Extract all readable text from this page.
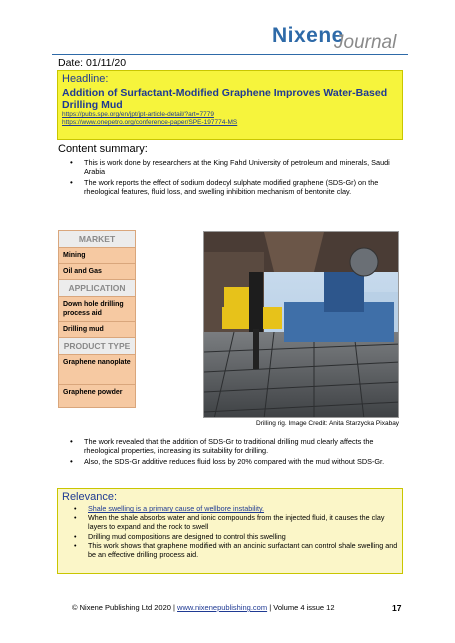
Nixene
Journal
Date: 01/11/20
Headline:
Addition of Surfactant-Modified Graphene Improves Water-Based Drilling Mud
https://pubs.spe.org/en/jpt/jpt-article-detail/?art=7779
https://www.onepetro.org/conference-paper/SPE-197774-MS
Content summary:
• This is work done by researchers at the King Fahd University of petroleum and minerals, Saudi Arabia
• The work reports the effect of sodium dodecyl sulphate modified graphene (SDS-Gr) on the rheological features, fluid loss, and swelling inhibition mechanism of bentonite clay.
MARKET
Mining
Oil and Gas
APPLICATION
Down hole drilling process aid
Drilling mud
PRODUCT TYPE
Graphene nanoplate
Graphene powder
Drilling rig. Image Credit: Anita Starzycka Pixabay
• The work revealed that the addition of SDS-Gr to traditional drilling mud clearly affects the rheological properties, increasing its suitability for drilling.
• Also, the SDS-Gr additive reduces fluid loss by 20% compared with the mud without SDS-Gr.
Relevance:
• Shale swelling is a primary cause of wellbore instability.
• When the shale absorbs water and ionic compounds from the injected fluid, it causes the clay layers to expand and the rock to swell
• Drilling mud compositions are designed to control this swelling
• This work shows that graphene modified with an ancinic surfactant can control shale swelling and be an effective drilling process aid.
© Nixene Publishing Ltd 2020 | www.nixenepublishing.com | Volume 4 issue 12	17
